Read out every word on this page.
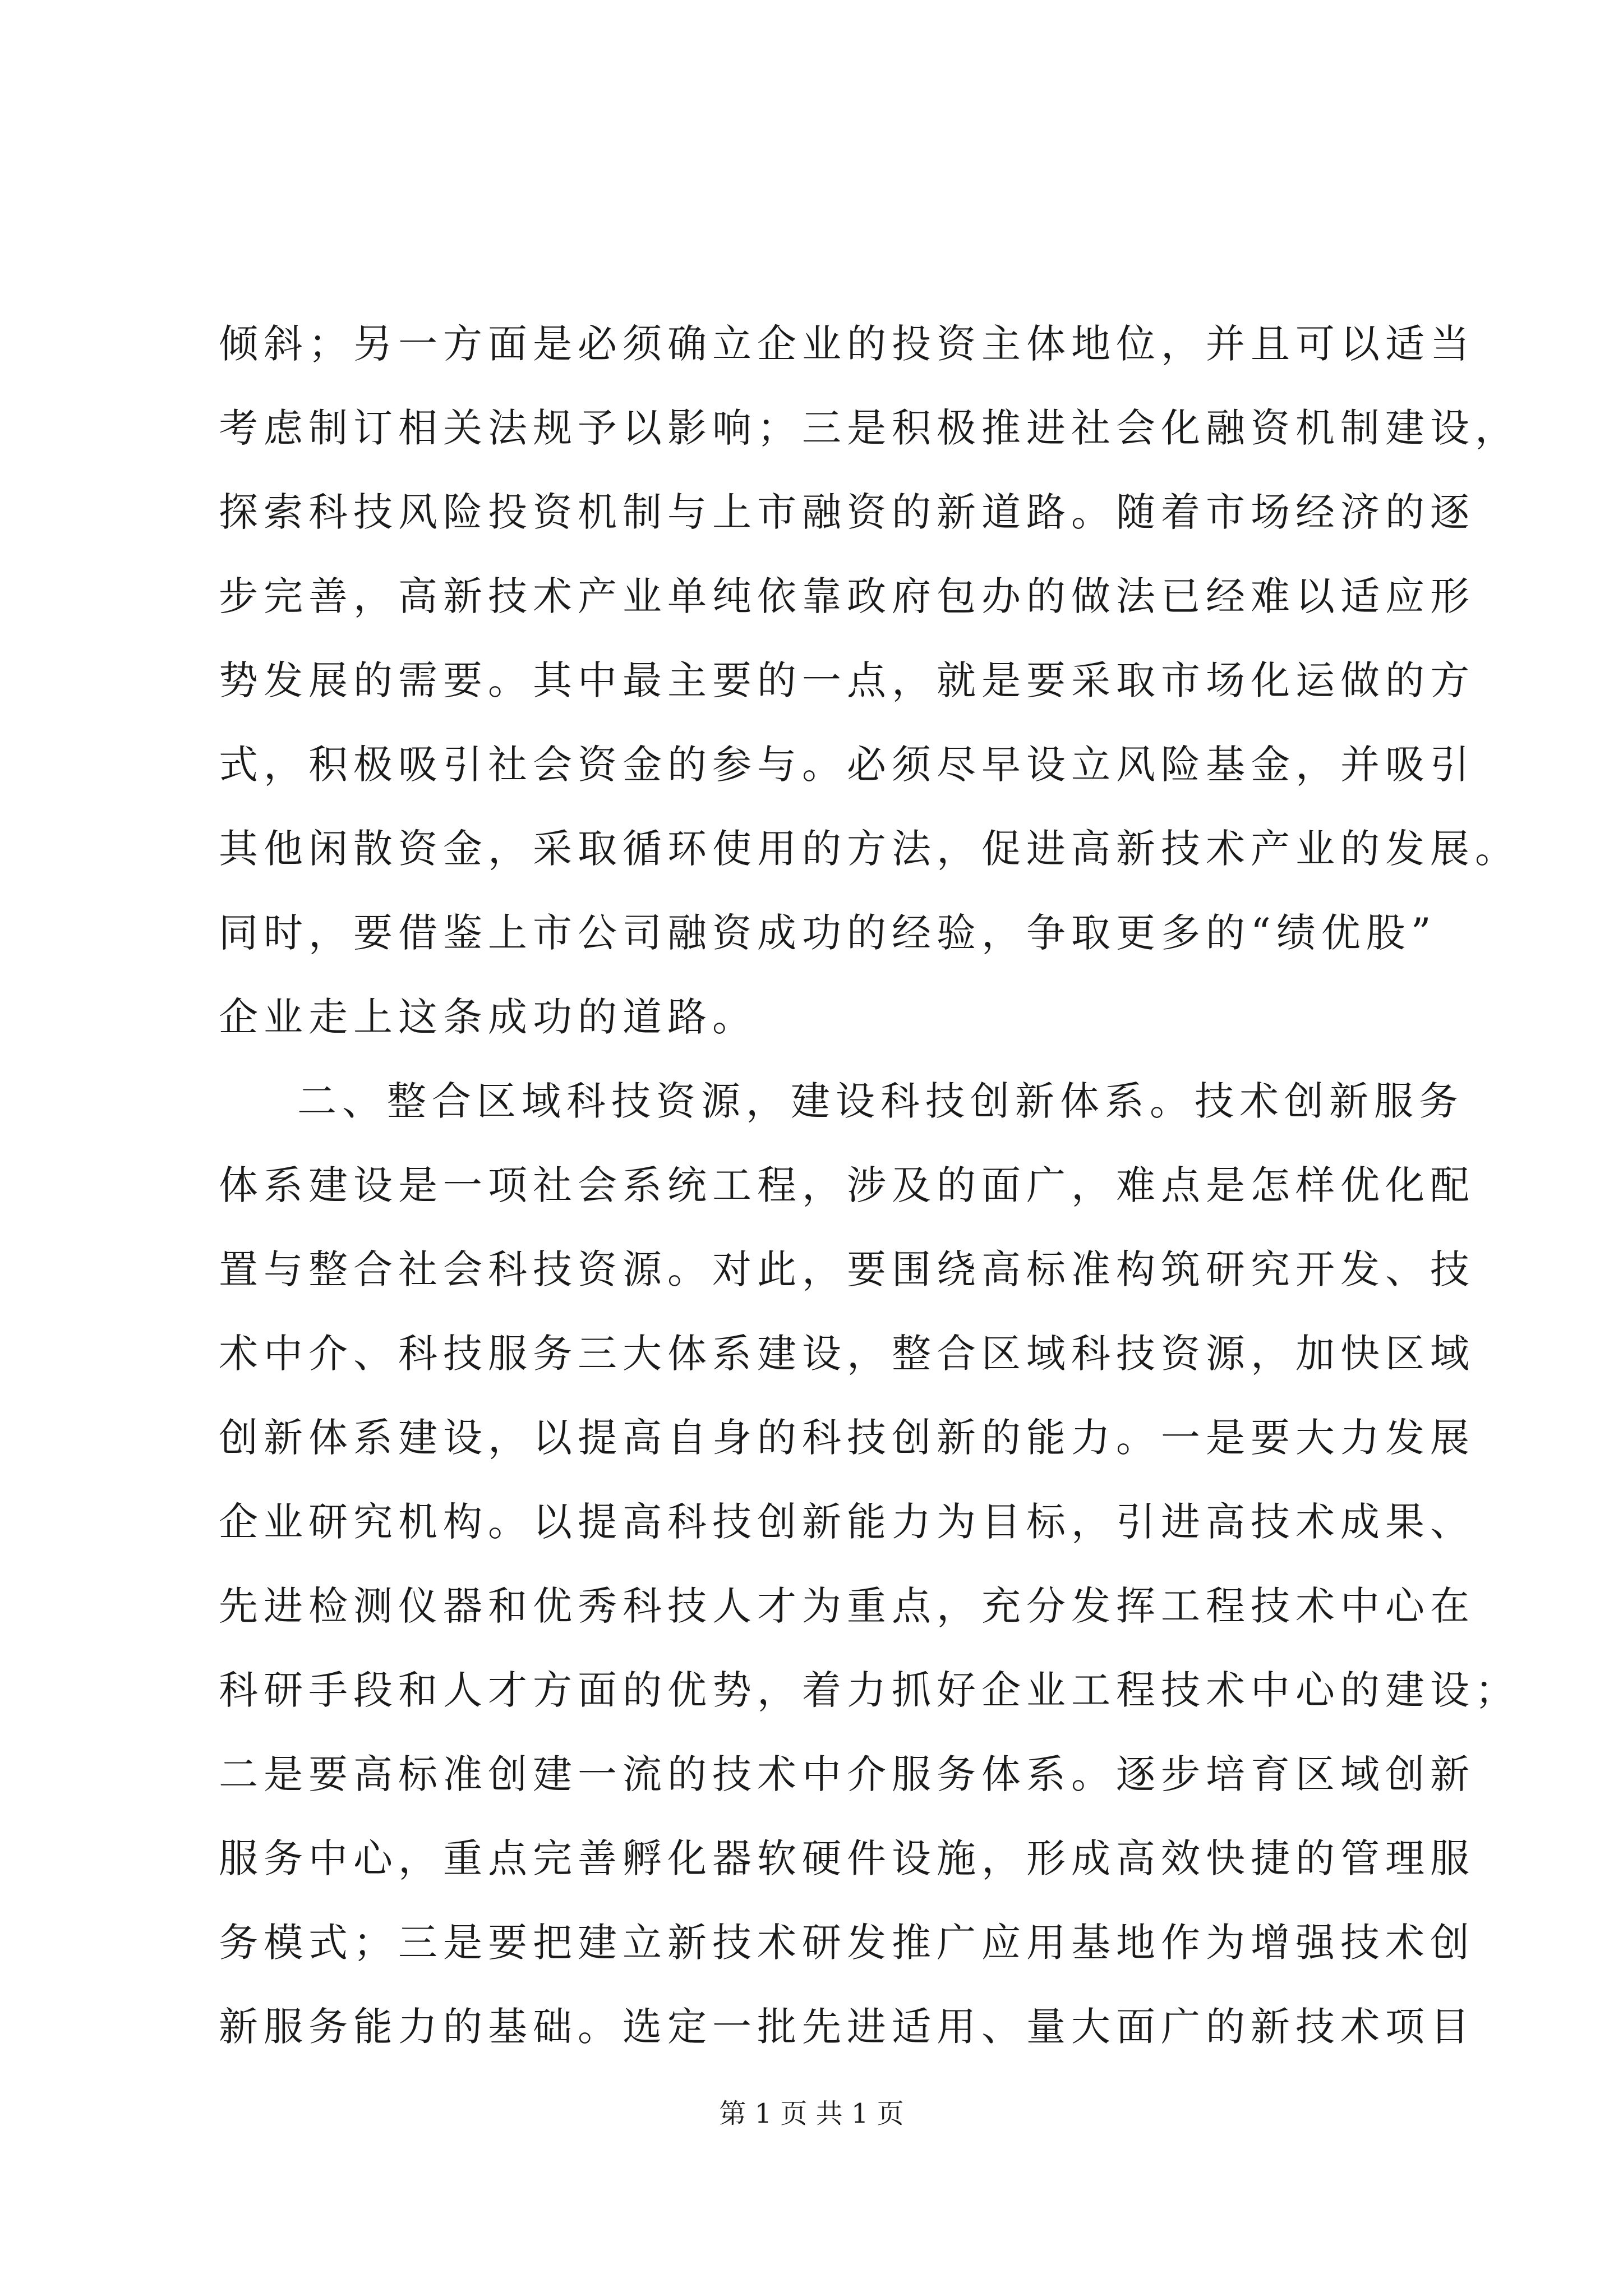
倾斜；另一方面是必须确立企业的投资主体地位，并且可以适当
考虑制订相关法规予以影响；三是积极推进社会化融资机制建设，
探索科技风险投资机制与上市融资的新道路。随着市场经济的逐
步完善，高新技术产业单纯依靠政府包办的做法已经难以适应形
势发展的需要。其中最主要的一点，就是要采取市场化运做的方
式，积极吸引社会资金的参与。必须尽早设立风险基金，并吸引
其他闲散资金，采取循环使用的方法，促进高新技术产业的发展。
同时，要借鉴上市公司融资成功的经验，争取更多的“绩优股”
企业走上这条成功的道路。
二、整合区域科技资源，建设科技创新体系。技术创新服务
体系建设是一项社会系统工程，涉及的面广，难点是怎样优化配
置与整合社会科技资源。对此，要围绕高标准构筑研究开发、技
术中介、科技服务三大体系建设，整合区域科技资源，加快区域
创新体系建设，以提高自身的科技创新的能力。一是要大力发展
企业研究机构。以提高科技创新能力为目标，引进高技术成果、
先进检测仪器和优秀科技人才为重点，充分发挥工程技术中心在
科研手段和人才方面的优势，着力抓好企业工程技术中心的建设；
二是要高标准创建一流的技术中介服务体系。逐步培育区域创新
服务中心，重点完善孵化器软硬件设施，形成高效快捷的管理服
务模式；三是要把建立新技术研发推广应用基地作为增强技术创
新服务能力的基础。选定一批先进适用、量大面广的新技术项目
第 1 页 共 1 页
